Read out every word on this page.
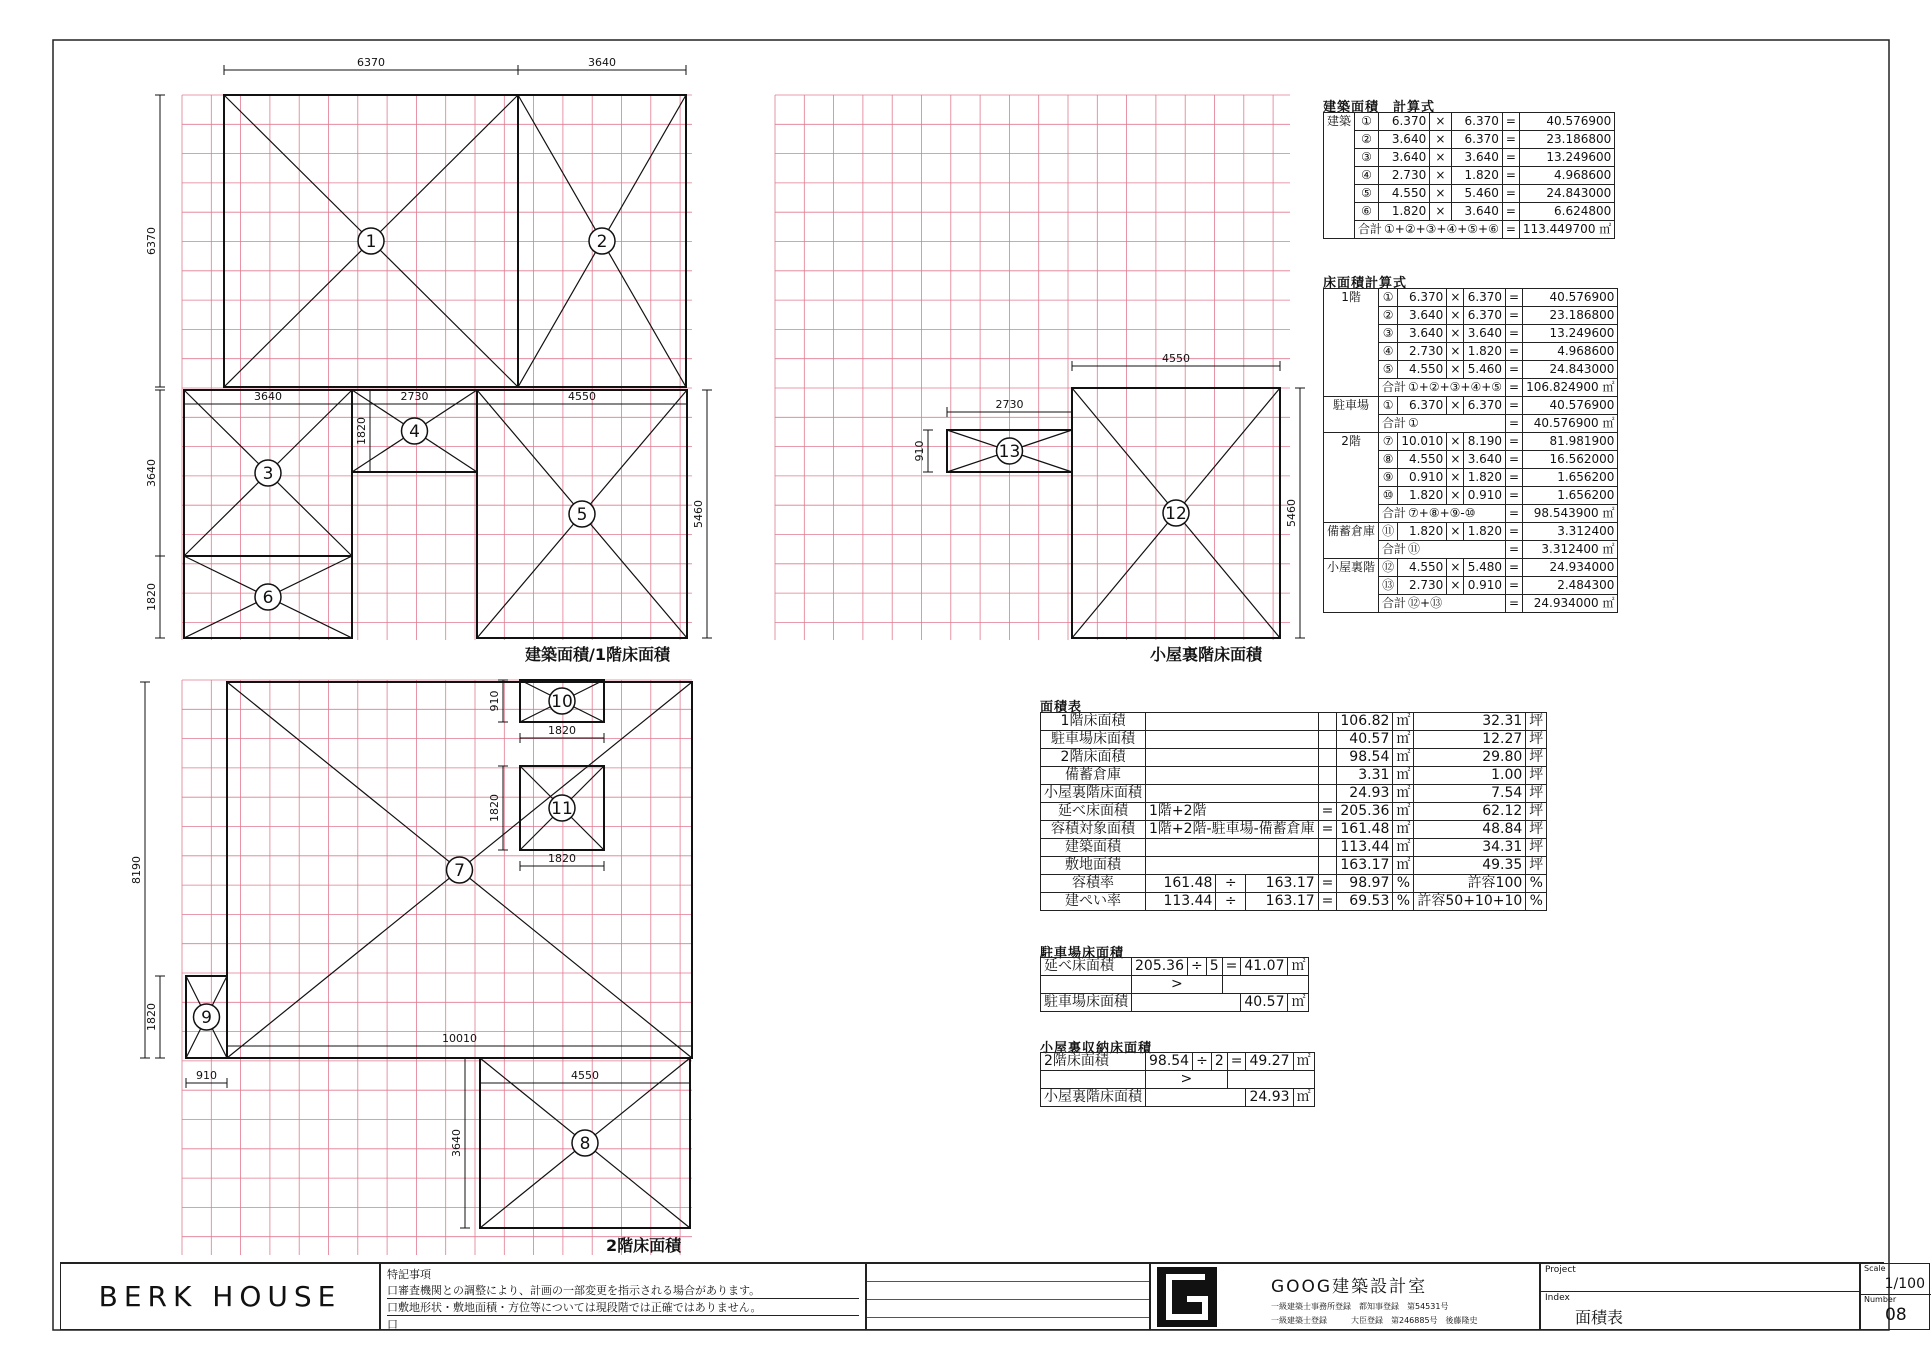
1	2
3
4
5
6
6370	3640
6370
3640
1820
3640	2730
1820
4550
5460
13
12
4550
2730
910
5460
10
11
7
9
8
910
1820
1820
1820
8190
1820
10010
910	4550
3640
建築面積/1階床面積	小屋裏階床面積
2階床面積
建築面積　計算式
建築	①	6.370	×	6.370	=	40.576900
	②	3.640	×	6.370	=	23.186800
	③	3.640	×	3.640	=	13.249600
	④	2.730	×	1.820	=	4.968600
	⑤	4.550	×	5.460	=	24.843000
	⑥	1.820	×	3.640	=	6.624800
	合計 ①+②+③+④+⑤+⑥				=	113.449700 ㎡
床面積計算式
1階	①	6.370	×	6.370	=	40.576900
	②	3.640	×	6.370	=	23.186800
	③	3.640	×	3.640	=	13.249600
	④	2.730	×	1.820	=	4.968600
	⑤	4.550	×	5.460	=	24.843000
	合計 ①+②+③+④+⑤				=	106.824900 ㎡
駐車場	①	6.370	×	6.370	=	40.576900
	合計 ①				=	40.576900 ㎡
2階	⑦	10.010	×	8.190	=	81.981900
	⑧	4.550	×	3.640	=	16.562000
	⑨	0.910	×	1.820	=	1.656200
	⑩	1.820	×	0.910	=	1.656200
	合計 ⑦+⑧+⑨-⑩				=	98.543900 ㎡
備蓄倉庫	⑪	1.820	×	1.820	=	3.312400
	合計 ⑪				=	3.312400 ㎡
小屋裏階	⑫	4.550	×	5.480	=	24.934000
	⑬	2.730	×	0.910	=	2.484300
	合計 ⑫+⑬				=	24.934000 ㎡
面積表
1階床面積					106.82	㎡	32.31	坪
駐車場床面積					40.57	㎡	12.27	坪
2階床面積					98.54	㎡	29.80	坪
備蓄倉庫					3.31	㎡	1.00	坪
小屋裏階床面積					24.93	㎡	7.54	坪
延べ床面積	1階+2階			=	205.36	㎡	62.12	坪
容積対象面積	1階+2階-駐車場-備蓄倉庫			=	161.48	㎡	48.84	坪
建築面積					113.44	㎡	34.31	坪
敷地面積					163.17	㎡	49.35	坪
容積率	161.48	÷	163.17	=	98.97	%	許容100	%
建ぺい率	113.44	÷	163.17	=	69.53	%	許容50+10+10	%
駐車場床面積
延べ床面積	205.36	÷	5	=	41.07	㎡
	>					
駐車場床面積					40.57	㎡
小屋裏収納床面積
2階床面積	98.54	÷	2	=	49.27	㎡
	>					
小屋裏階床面積					24.93	㎡
BERK HOUSE
特記事項
口審査機関との調整により、計画の一部変更を指示される場合があります。
口敷地形状・敷地面積・方位等については現段階では正確ではありません。
口
GOOG建築設計室
一級建築士事務所登録　都知事登録　第54531号
一級建築士登録　　　大臣登録　第246885号　後藤隆史
Project
Index
面積表
Scale
1/100
Number
08
